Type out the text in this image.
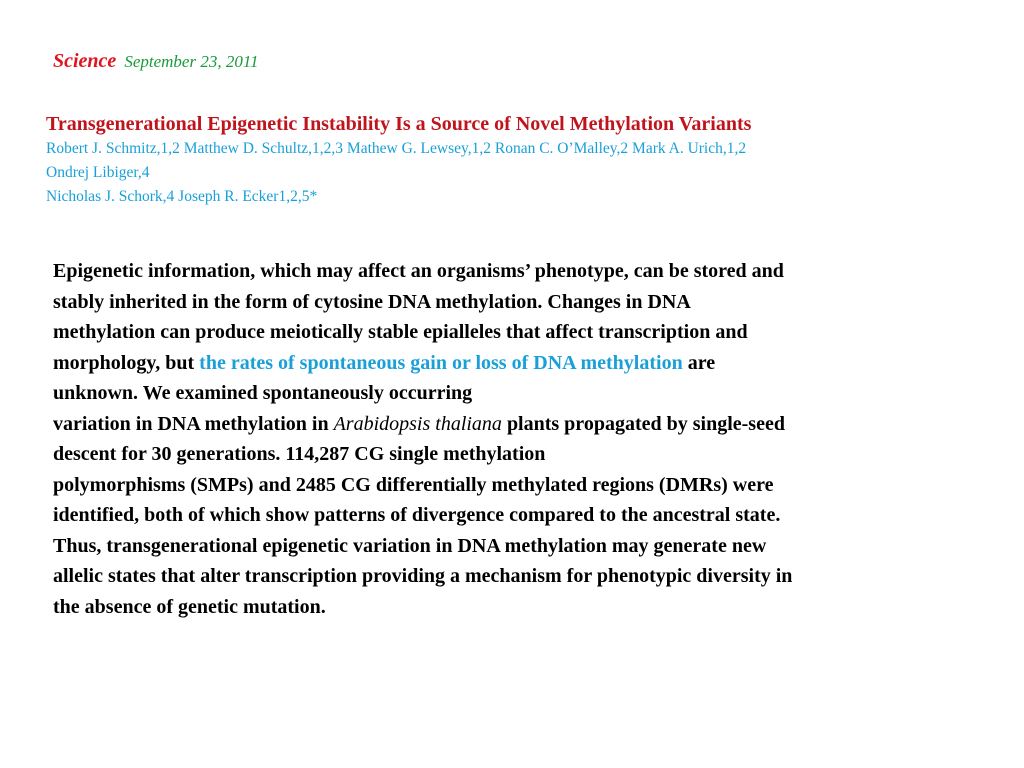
Science September 23, 2011
Transgenerational Epigenetic Instability Is a Source of Novel Methylation Variants
Robert J. Schmitz,1,2 Matthew D. Schultz,1,2,3 Mathew G. Lewsey,1,2 Ronan C. O’Malley,2 Mark A. Urich,1,2
Ondrej Libiger,4
Nicholas J. Schork,4 Joseph R. Ecker1,2,5*
Epigenetic information, which may affect an organisms’ phenotype, can be stored and
stably inherited in the form of cytosine DNA methylation. Changes in DNA
methylation can produce meiotically stable epialleles that affect transcription and
morphology, but the rates of spontaneous gain or loss of DNA methylation are
unknown. We examined spontaneously occurring
variation in DNA methylation in Arabidopsis thaliana plants propagated by single-seed
descent for 30 generations. 114,287 CG single methylation
polymorphisms (SMPs) and 2485 CG differentially methylated regions (DMRs) were
identified, both of which show patterns of divergence compared to the ancestral state.
Thus, transgenerational epigenetic variation in DNA methylation may generate new
allelic states that alter transcription providing a mechanism for phenotypic diversity in
the absence of genetic mutation.
